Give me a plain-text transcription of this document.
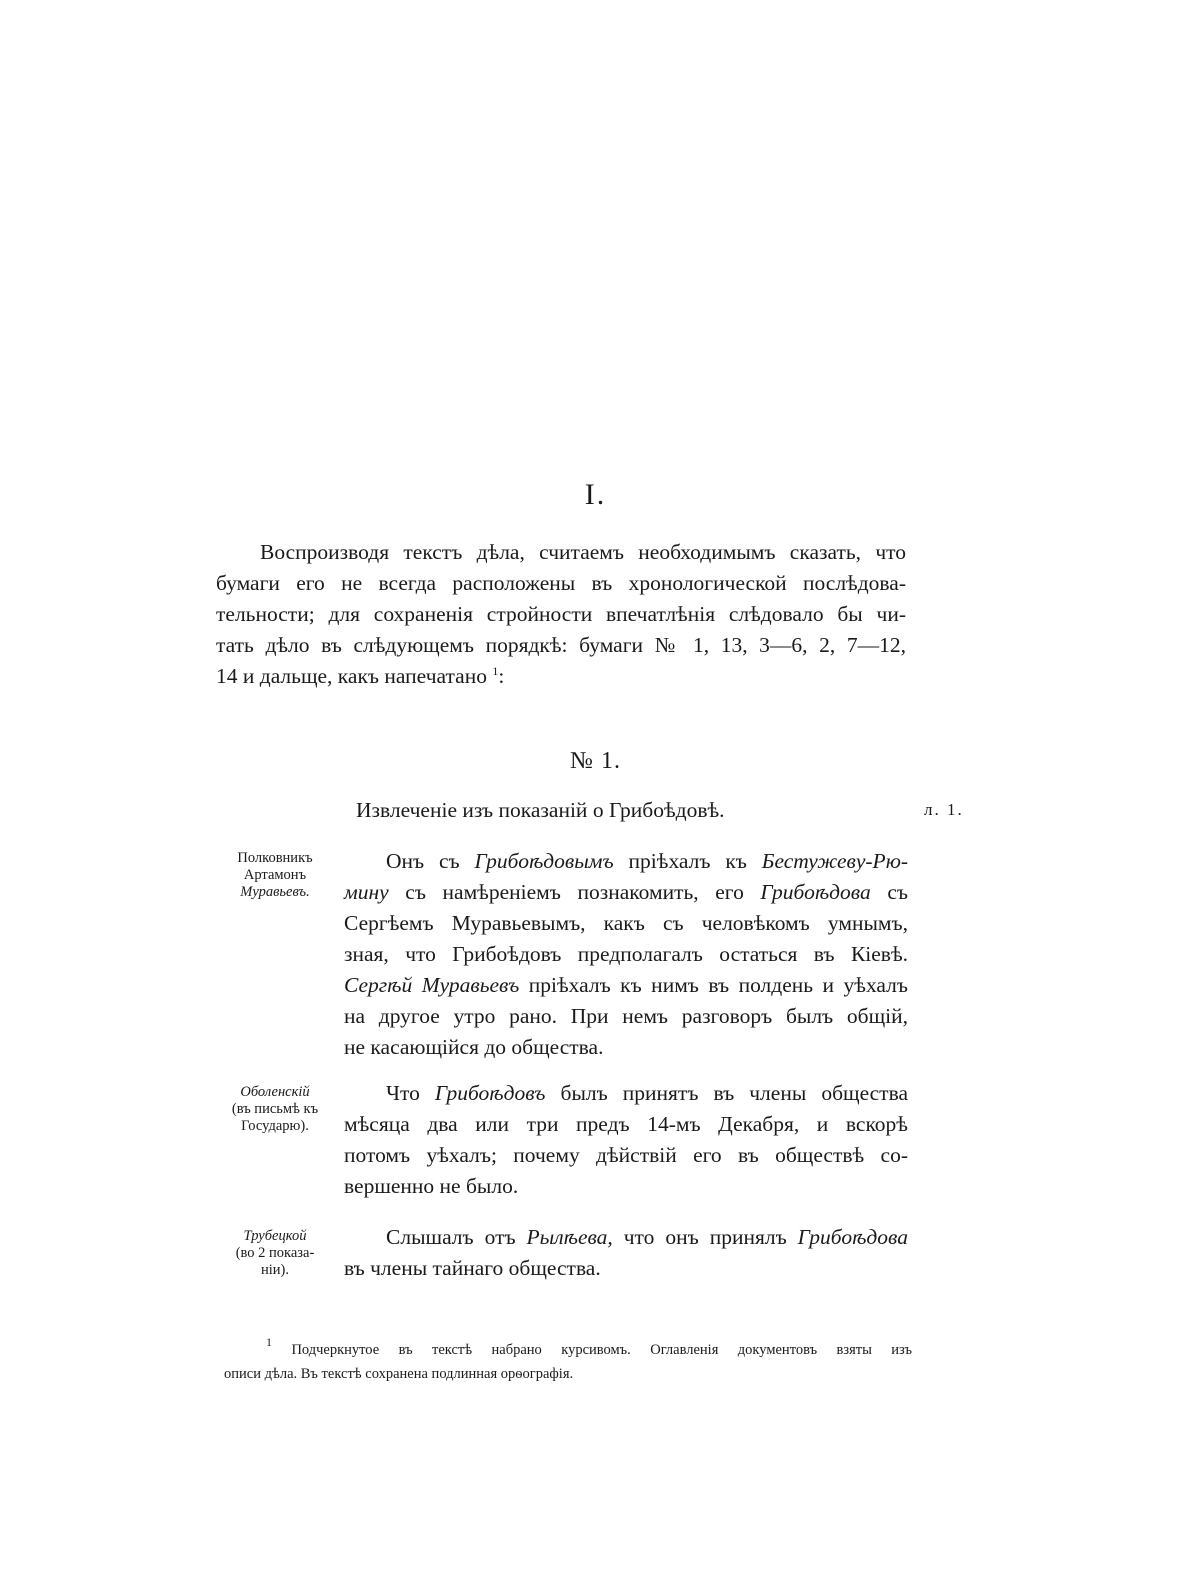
I.
Воспроизводя текстъ дѣла, считаемъ необходимымъ сказать, что
бумаги его не всегда расположены въ хронологической послѣдова-
тельности; для сохраненія стройности впечатлѣнія слѣдовало бы чи-
тать дѣло въ слѣдующемъ порядкѣ: бумаги № 1, 13, 3—6, 2, 7—12,
14 и дальще, какъ напечатано $^1$:
№ 1.
Извлеченіе изъ показаній о Грибоѣдовѣ.	л. 1.
Полковникъ
Артамонъ
Муравьевъ.
Онъ съ Грибоѣдовымъ пріѣхалъ къ Бестужеву-Рю-
мину съ намѣреніемъ познакомить, его Грибоѣдова съ
Сергѣемъ Муравьевымъ, какъ съ человѣкомъ умнымъ,
зная, что Грибоѣдовъ предполагалъ остаться въ Кіевѣ.
Сергѣй Муравьевъ пріѣхалъ къ нимъ въ полдень и уѣхалъ
на другое утро рано. При немъ разговоръ былъ общій,
не касающійся до общества.
Оболенскій
(въ письмѣ къ
Государю).
Что Грибоѣдовъ былъ принятъ въ члены общества
мѣсяца два или три предъ 14-мъ Декабря, и вскорѣ
потомъ уѣхалъ; почему дѣйствій его въ обществѣ со-
вершенно не было.
Трубецкой
(во 2 показа-
ніи).
Слышалъ отъ Рылѣева, что онъ принялъ Грибоѣдова
въ члены тайнаго общества.
$^1$ Подчеркнутое въ текстѣ набрано курсивомъ. Оглавленія документовъ взяты изъ
описи дѣла. Въ текстѣ сохранена подлинная орѳографія.
